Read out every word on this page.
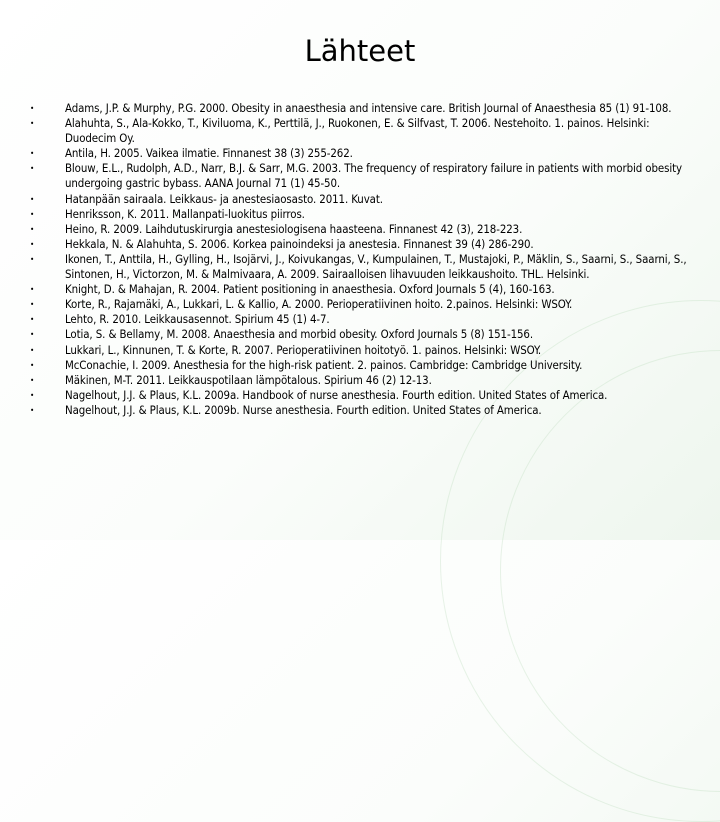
Lähteet
•	Adams, J.P. & Murphy, P.G. 2000. Obesity in anaesthesia and intensive care. British Journal of Anaesthesia 85 (1) 91-108.
•	Alahuhta, S., Ala-Kokko, T., Kiviluoma, K., Perttilä, J., Ruokonen, E. & Silfvast, T. 2006. Nestehoito. 1. painos. Helsinki: Duodecim Oy.
•	Antila, H. 2005. Vaikea ilmatie. Finnanest 38 (3) 255-262.
•	Blouw, E.L., Rudolph, A.D., Narr, B.J. & Sarr, M.G. 2003. The frequency of respiratory failure in patients with morbid obesity undergoing gastric bybass. AANA Journal 71 (1) 45-50.
•	Hatanpään sairaala. Leikkaus- ja anestesiaosasto. 2011. Kuvat.
•	Henriksson, K. 2011. Mallanpati-luokitus piirros.
•	Heino, R. 2009. Laihdutuskirurgia anestesiologisena haasteena. Finnanest 42 (3), 218-223.
•	Hekkala, N. & Alahuhta, S. 2006. Korkea painoindeksi ja anestesia. Finnanest 39 (4) 286-290.
•	Ikonen, T., Anttila, H., Gylling, H., Isojärvi, J., Koivukangas, V., Kumpulainen, T., Mustajoki, P., Mäklin, S., Saarni, S., Saarni, S., Sintonen, H., Victorzon, M. & Malmivaara, A. 2009. Sairaalloisen lihavuuden leikkaushoito. THL. Helsinki.
•	Knight, D. & Mahajan, R. 2004. Patient positioning in anaesthesia. Oxford Journals 5 (4), 160-163.
•	Korte, R., Rajamäki, A., Lukkari, L. & Kallio, A. 2000. Perioperatiivinen hoito. 2.painos. Helsinki: WSOY.
•	Lehto, R. 2010. Leikkausasennot. Spirium 45 (1) 4-7.
•	Lotia, S. & Bellamy, M. 2008. Anaesthesia and morbid obesity. Oxford Journals 5 (8) 151-156.
•	Lukkari, L., Kinnunen, T. & Korte, R. 2007. Perioperatiivinen hoitotyö. 1. painos. Helsinki: WSOY.
•	McConachie, I. 2009. Anesthesia for the high-risk patient. 2. painos. Cambridge: Cambridge University.
•	Mäkinen, M-T. 2011. Leikkauspotilaan lämpötalous. Spirium 46 (2) 12-13.
•	Nagelhout, J.J. & Plaus, K.L. 2009a. Handbook of nurse anesthesia. Fourth edition. United States of America.
•	Nagelhout, J.J. & Plaus, K.L. 2009b. Nurse anesthesia. Fourth edition. United States of America.
